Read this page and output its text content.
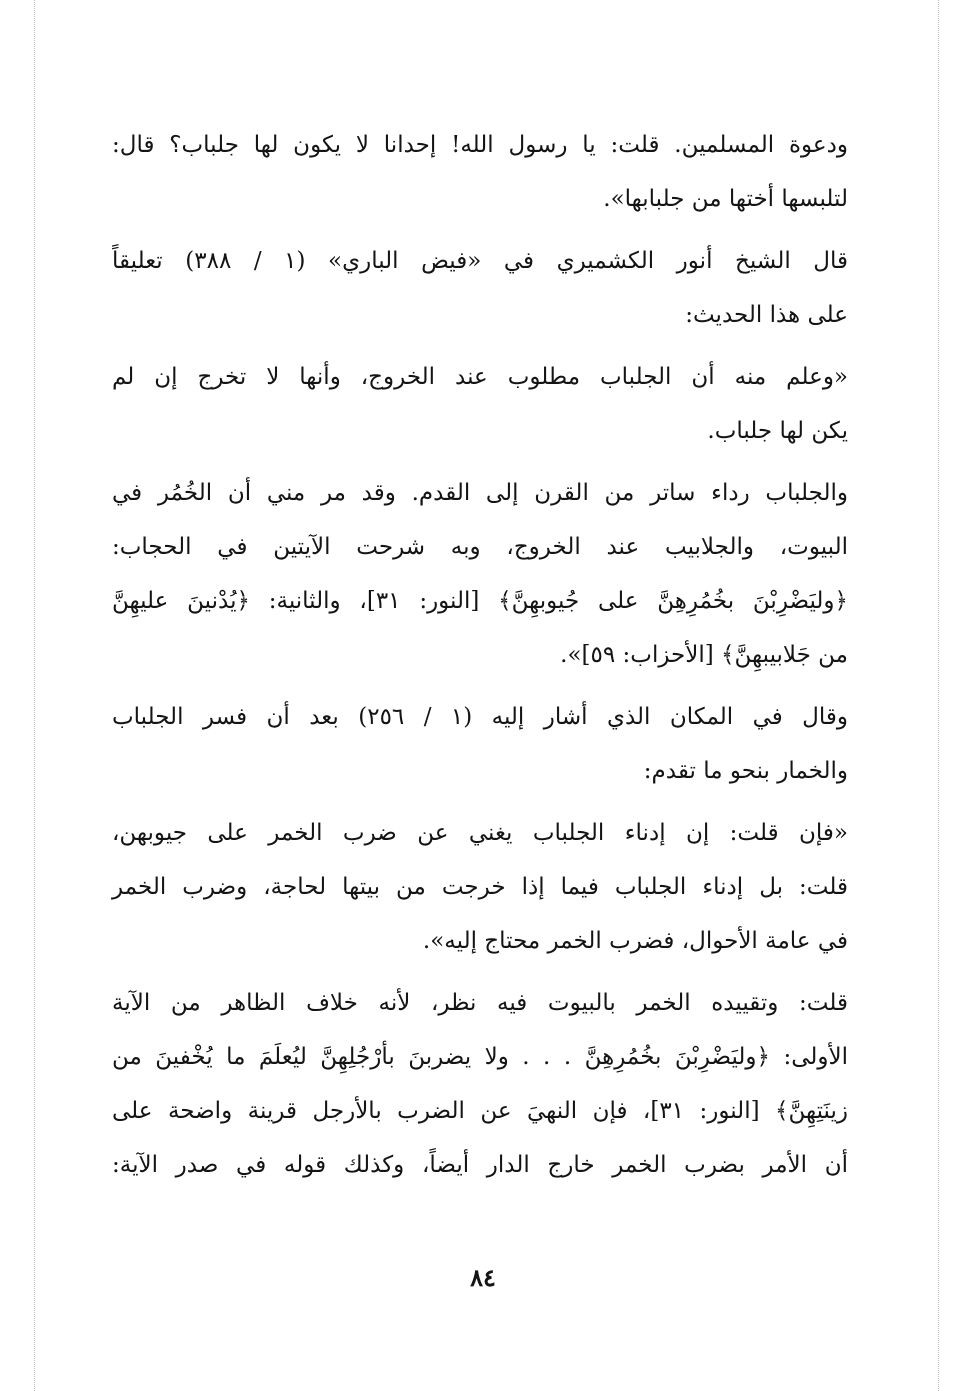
ودعوة المسلمين. قلت: يا رسول الله! إحدانا لا يكون لها جلباب؟ قال:
لتلبسها أختها من جلبابها».
قال الشيخ أنور الكشميري في «فيض الباري» (١ / ٣٨٨) تعليقاً
على هذا الحديث:
«وعلم منه أن الجلباب مطلوب عند الخروج، وأنها لا تخرج إن لم
يكن لها جلباب.
والجلباب رداء ساتر من القرن إلى القدم. وقد مر مني أن الخُمُر في
البيوت، والجلابيب عند الخروج، وبه شرحت الآيتين في الحجاب:
﴿وليَضْرِبْنَ بخُمُرِهِنَّ على جُيوبهِنَّ﴾ [النور: ٣١]، والثانية: ﴿يُدْنينَ عليهِنَّ
من جَلابيبهِنَّ﴾ [الأحزاب: ٥٩]».
وقال في المكان الذي أشار إليه (١ / ٢٥٦) بعد أن فسر الجلباب
والخمار بنحو ما تقدم:
«فإن قلت: إن إدناء الجلباب يغني عن ضرب الخمر على جيوبهن،
قلت: بل إدناء الجلباب فيما إذا خرجت من بيتها لحاجة، وضرب الخمر
في عامة الأحوال، فضرب الخمر محتاج إليه».
قلت: وتقييده الخمر بالبيوت فيه نظر، لأنه خلاف الظاهر من الآية
الأولى: ﴿وليَضْرِبْنَ بخُمُرِهِنَّ . . . ولا يضربنَ بأرْجُلِهِنَّ ليُعلَمَ ما يُخْفينَ من
زينَتِهِنَّ﴾ [النور: ٣١]، فإن النهيَ عن الضرب بالأرجل قرينة واضحة على
أن الأمر بضرب الخمر خارج الدار أيضاً، وكذلك قوله في صدر الآية:
٨٤
